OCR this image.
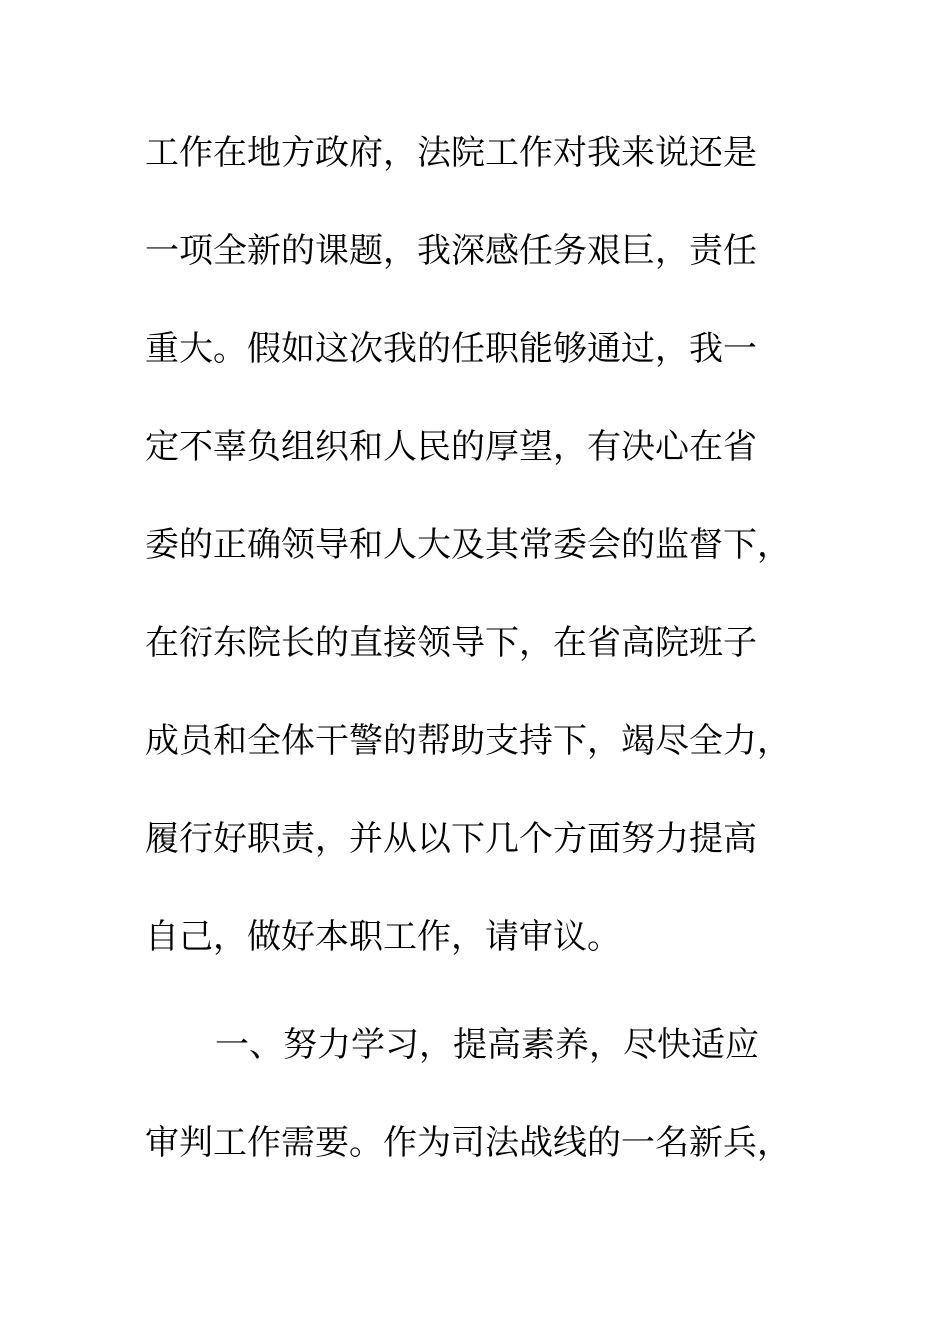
工作在地方政府，法院工作对我来说还是
一项全新的课题，我深感任务艰巨，责任
重大。假如这次我的任职能够通过，我一
定不辜负组织和人民的厚望，有决心在省
委的正确领导和人大及其常委会的监督下，
在衍东院长的直接领导下，在省高院班子
成员和全体干警的帮助支持下，竭尽全力，
履行好职责，并从以下几个方面努力提高
自己，做好本职工作，请审议。
一、努力学习，提高素养，尽快适应
审判工作需要。作为司法战线的一名新兵，
